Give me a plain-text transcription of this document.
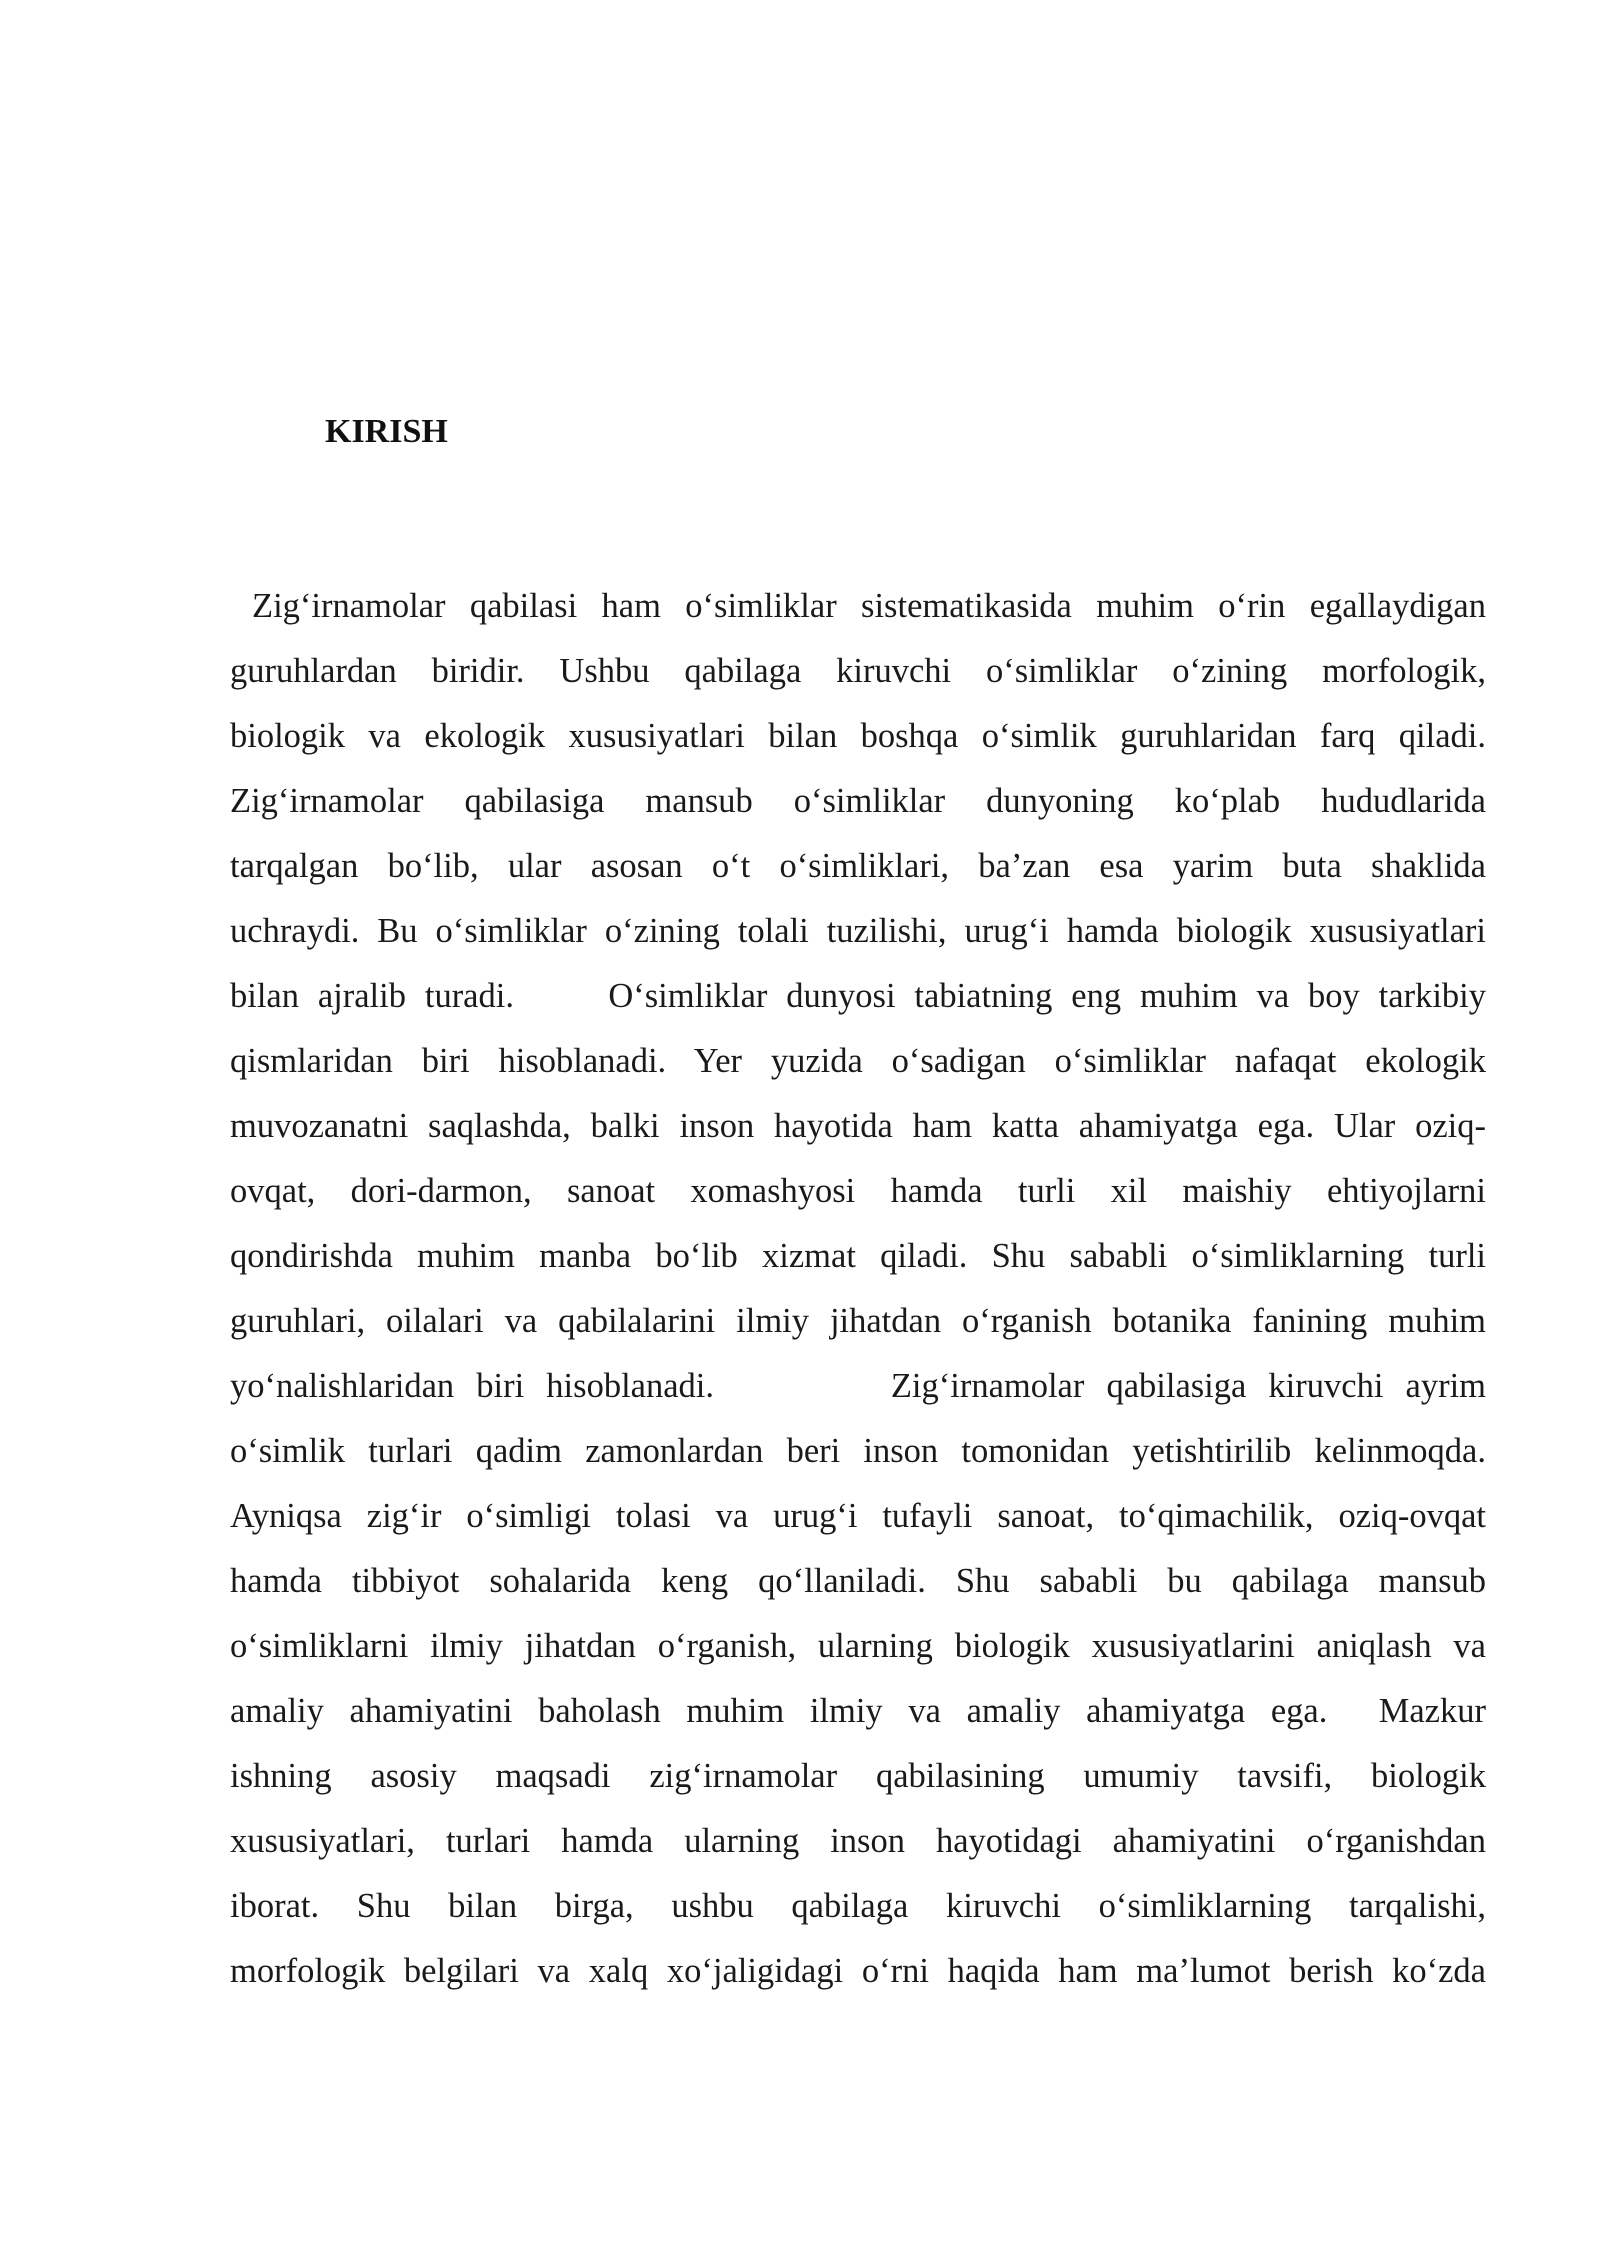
KIRISH
Zig‘irnamolar qabilasi ham o‘simliklar sistematikasida muhim o‘rin egallaydigan
guruhlardan biridir. Ushbu qabilaga kiruvchi o‘simliklar o‘zining morfologik,
biologik va ekologik xususiyatlari bilan boshqa o‘simlik guruhlaridan farq qiladi.
Zig‘irnamolar qabilasiga mansub o‘simliklar dunyoning ko‘plab hududlarida
tarqalgan bo‘lib, ular asosan o‘t o‘simliklari, ba’zan esa yarim buta shaklida
uchraydi. Bu o‘simliklar o‘zining tolali tuzilishi, urug‘i hamda biologik xususiyatlari
bilan ajralib turadi.     O‘simliklar dunyosi tabiatning eng muhim va boy tarkibiy
qismlaridan biri hisoblanadi. Yer yuzida o‘sadigan o‘simliklar nafaqat ekologik
muvozanatni saqlashda, balki inson hayotida ham katta ahamiyatga ega. Ular oziq-
ovqat, dori-darmon, sanoat xomashyosi hamda turli xil maishiy ehtiyojlarni
qondirishda muhim manba bo‘lib xizmat qiladi. Shu sababli o‘simliklarning turli
guruhlari, oilalari va qabilalarini ilmiy jihatdan o‘rganish botanika fanining muhim
yo‘nalishlaridan biri hisoblanadi.        Zig‘irnamolar qabilasiga kiruvchi ayrim
o‘simlik turlari qadim zamonlardan beri inson tomonidan yetishtirilib kelinmoqda.
Ayniqsa zig‘ir o‘simligi tolasi va urug‘i tufayli sanoat, to‘qimachilik, oziq-ovqat
hamda tibbiyot sohalarida keng qo‘llaniladi. Shu sababli bu qabilaga mansub
o‘simliklarni ilmiy jihatdan o‘rganish, ularning biologik xususiyatlarini aniqlash va
amaliy ahamiyatini baholash muhim ilmiy va amaliy ahamiyatga ega.  Mazkur
ishning asosiy maqsadi zig‘irnamolar qabilasining umumiy tavsifi, biologik
xususiyatlari, turlari hamda ularning inson hayotidagi ahamiyatini o‘rganishdan
iborat. Shu bilan birga, ushbu qabilaga kiruvchi o‘simliklarning tarqalishi,
morfologik belgilari va xalq xo‘jaligidagi o‘rni haqida ham ma’lumot berish ko‘zda
